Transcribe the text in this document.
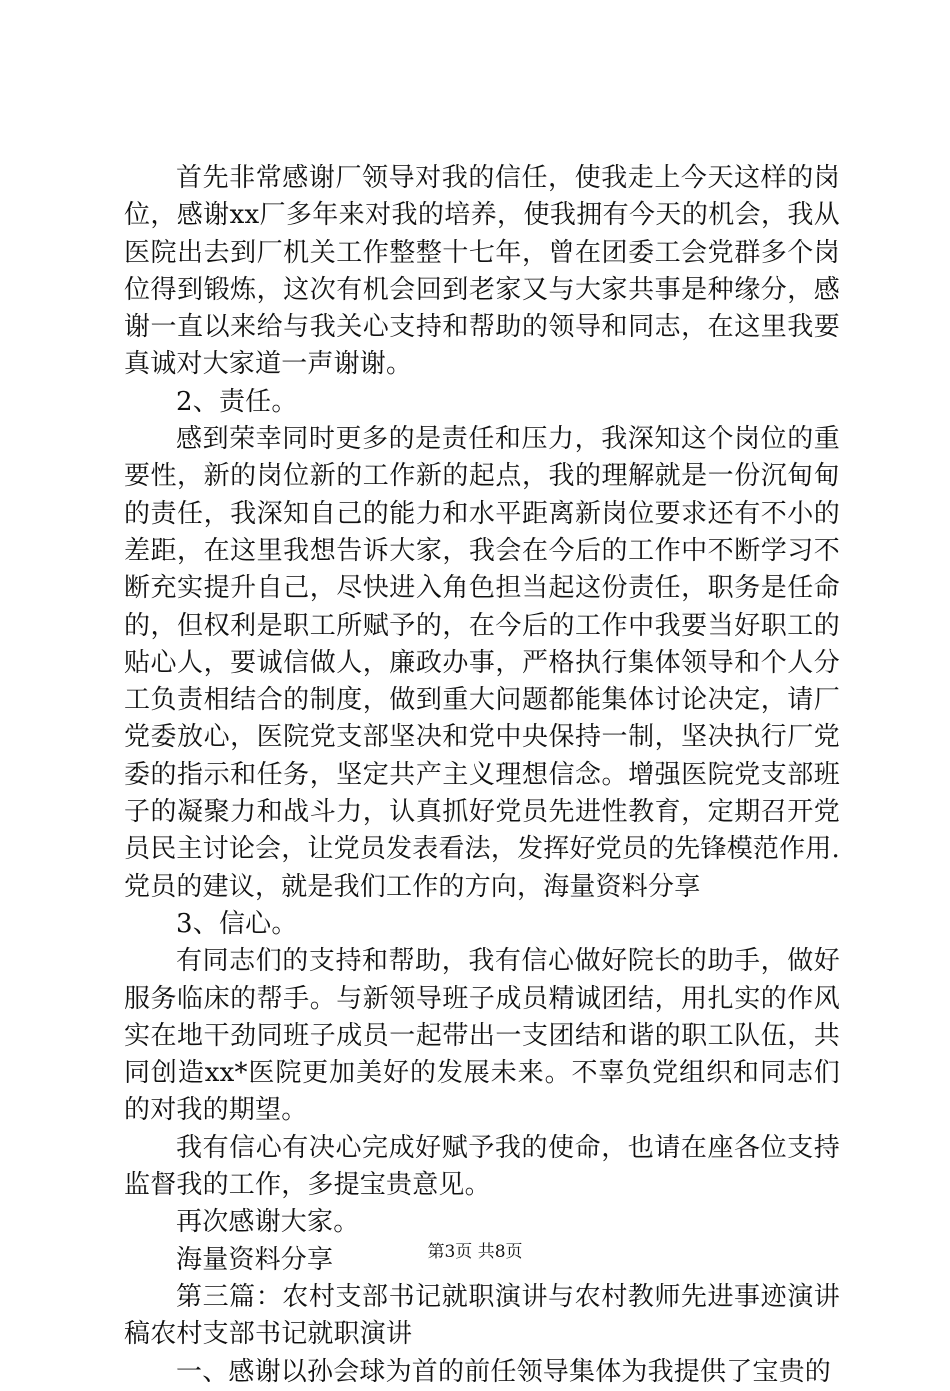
首先非常感谢厂领导对我的信任，使我走上今天这样的岗位，感谢xx厂多年来对我的培养，使我拥有今天的机会，我从医院出去到厂机关工作整整十七年，曾在团委工会党群多个岗位得到锻炼，这次有机会回到老家又与大家共事是种缘分，感谢一直以来给与我关心支持和帮助的领导和同志，在这里我要真诚对大家道一声谢谢。

2、责任。

感到荣幸同时更多的是责任和压力，我深知这个岗位的重要性，新的岗位新的工作新的起点，我的理解就是一份沉甸甸的责任，我深知自己的能力和水平距离新岗位要求还有不小的差距，在这里我想告诉大家，我会在今后的工作中不断学习不断充实提升自己，尽快进入角色担当起这份责任，职务是任命的，但权利是职工所赋予的，在今后的工作中我要当好职工的贴心人，要诚信做人，廉政办事，严格执行集体领导和个人分工负责相结合的制度，做到重大问题都能集体讨论决定，请厂党委放心，医院党支部坚决和党中央保持一制，坚决执行厂党委的指示和任务，坚定共产主义理想信念。增强医院党支部班子的凝聚力和战斗力，认真抓好党员先进性教育，定期召开党员民主讨论会，让党员发表看法，发挥好党员的先锋模范作用.党员的建议，就是我们工作的方向，海量资料分享

3、信心。

有同志们的支持和帮助，我有信心做好院长的助手，做好服务临床的帮手。与新领导班子成员精诚团结，用扎实的作风实在地干劲同班子成员一起带出一支团结和谐的职工队伍，共同创造xx*医院更加美好的发展未来。不辜负党组织和同志们的对我的期望。

我有信心有决心完成好赋予我的使命，也请在座各位支持监督我的工作，多提宝贵意见。

再次感谢大家。

海量资料分享

第三篇：农村支部书记就职演讲与农村教师先进事迹演讲稿农村支部书记就职演讲

一、感谢以孙会球为首的前任领导集体为我提供了宝贵的

第3页 共8页
